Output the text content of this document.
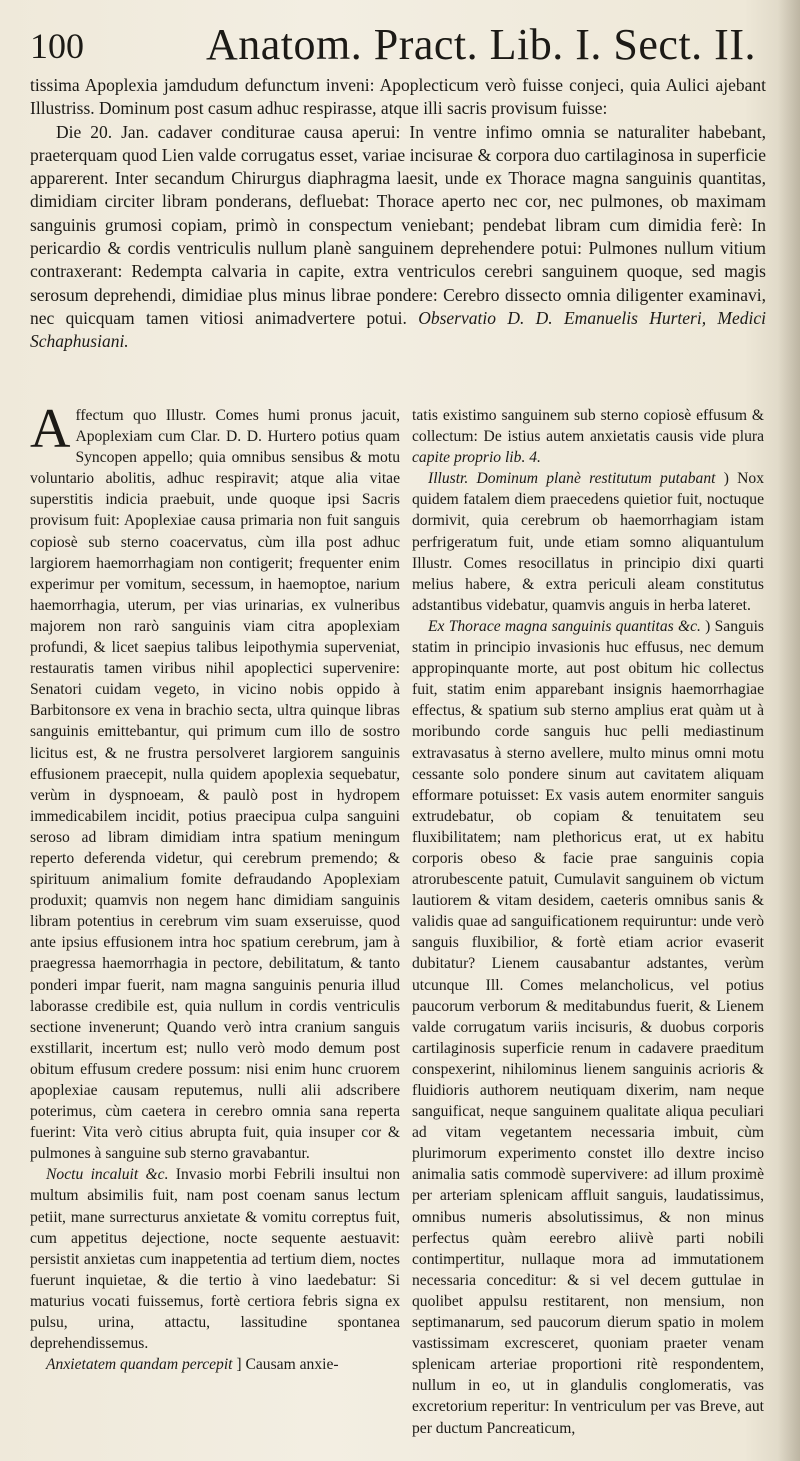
100	Anatom. Pract. Lib. I. Sect. II.

tissima Apoplexia jamdudum defunctum inveni: Apoplecticum verò fuisse conjeci, quia Aulici ajebant Illustriss. Dominum post casum adhuc respirasse, atque illi sacris provisum fuisse:

Die 20. Jan. cadaver conditurae causa aperui: In ventre infimo omnia se naturaliter habebant, praeterquam quod Lien valde corrugatus esset, variae incisurae & corpora duo cartilaginosa in superficie apparerent. Inter secandum Chirurgus diaphragma laesit, unde ex Thorace magna sanguinis quantitas, dimidiam circiter libram ponderans, defluebat: Thorace aperto nec cor, nec pulmones, ob maximam sanguinis grumosi copiam, primò in conspectum veniebant; pendebat libram cum dimidia ferè: In pericardio & cordis ventriculis nullum planè sanguinem deprehendere potui: Pulmones nullum vitium contraxerant: Redempta calvaria in capite, extra ventriculos cerebri sanguinem quoque, sed magis serosum deprehendi, dimidiae plus minus librae pondere: Cerebro dissecto omnia diligenter examinavi, nec quicquam tamen vitiosi animadvertere potui. Observatio D. D. Emanuelis Hurteri, Medici Schaphusiani.

Affectum quo Illustr. Comes humi pronus jacuit, Apoplexiam cum Clar. D. D. Hurtero potius quam Syncopen appello; quia omnibus sensibus & motu voluntario abolitis, adhuc respiravit; atque alia vitae superstitis indicia praebuit, unde quoque ipsi Sacris provisum fuit: Apoplexiae causa primaria non fuit sanguis copiosè sub sterno coacervatus, cùm illa post adhuc largiorem haemorrhagiam non contigerit; frequenter enim experimur per vomitum, secessum, in haemoptoe, narium haemorrhagia, uterum, per vias urinarias, ex vulneribus majorem non rarò sanguinis viam citra apoplexiam profundi, & licet saepius talibus leipothymia superveniat, restauratis tamen viribus nihil apoplectici supervenire: Senatori cuidam vegeto, in vicino nobis oppido à Barbitonsore ex vena in brachio secta, ultra quinque libras sanguinis emittebantur, qui primum cum illo de sostro licitus est, & ne frustra persolveret largiorem sanguinis effusionem praecepit, nulla quidem apoplexia sequebatur, verùm in dyspnoeam, & paulò post in hydropem immedicabilem incidit, potius praecipua culpa sanguini seroso ad libram dimidiam intra spatium meningum reperto deferenda videtur, qui cerebrum premendo; & spirituum animalium fomite defraudando Apoplexiam produxit; quamvis non negem hanc dimidiam sanguinis libram potentius in cerebrum vim suam exseruisse, quod ante ipsius effusionem intra hoc spatium cerebrum, jam à praegressa haemorrhagia in pectore, debilitatum, & tanto ponderi impar fuerit, nam magna sanguinis penuria illud laborasse credibile est, quia nullum in cordis ventriculis sectione invenerunt; Quando verò intra cranium sanguis exstillarit, incertum est; nullo verò modo demum post obitum effusum credere possum: nisi enim hunc cruorem apoplexiae causam reputemus, nulli alii adscribere poterimus, cùm caetera in cerebro omnia sana reperta fuerint: Vita verò citius abrupta fuit, quia insuper cor & pulmones à sanguine sub sterno gravabantur.

Noctu incaluit &c. Invasio morbi Febrili insultui non multum absimilis fuit, nam post coenam sanus lectum petiit, mane surrecturus anxietate & vomitu correptus fuit, cum appetitus dejectione, nocte sequente aestuavit: persistit anxietas cum inappetentia ad tertium diem, noctes fuerunt inquietae, & die tertio à vino laedebatur: Si maturius vocati fuissemus, fortè certiora febris signa ex pulsu, urina, attactu, lassitudine spontanea deprehendissemus.

Anxietatem quandam percepit ] Causam anxie-

tatis existimo sanguinem sub sterno copiosè effusum & collectum: De istius autem anxietatis causis vide plura capite proprio lib. 4.

Illustr. Dominum planè restitutum putabant ) Nox quidem fatalem diem praecedens quietior fuit, noctuque dormivit, quia cerebrum ob haemorrhagiam istam perfrigeratum fuit, unde etiam somno aliquantulum Illustr. Comes resocillatus in principio dixi quarti melius habere, & extra periculi aleam constitutus adstantibus videbatur, quamvis anguis in herba lateret.

Ex Thorace magna sanguinis quantitas &c. ) Sanguis statim in principio invasionis huc effusus, nec demum appropinquante morte, aut post obitum hic collectus fuit, statim enim apparebant insignis haemorrhagiae effectus, & spatium sub sterno amplius erat quàm ut à moribundo corde sanguis huc pelli mediastinum extravasatus à sterno avellere, multo minus omni motu cessante solo pondere sinum aut cavitatem aliquam efformare potuisset: Ex vasis autem enormiter sanguis extrudebatur, ob copiam & tenuitatem seu fluxibilitatem; nam plethoricus erat, ut ex habitu corporis obeso & facie prae sanguinis copia atrorubescente patuit, Cumulavit sanguinem ob victum lautiorem & vitam desidem, caeteris omnibus sanis & validis quae ad sanguificationem requiruntur: unde verò sanguis fluxibilior, & fortè etiam acrior evaserit dubitatur? Lienem causabantur adstantes, verùm utcunque Ill. Comes melancholicus, vel potius paucorum verborum & meditabundus fuerit, & Lienem valde corrugatum variis incisuris, & duobus corporis cartilaginosis superficie renum in cadavere praeditum conspexerint, nihilominus lienem sanguinis acrioris & fluidioris authorem neutiquam dixerim, nam neque sanguificat, neque sanguinem qualitate aliqua peculiari ad vitam vegetantem necessaria imbuit, cùm plurimorum experimento constet illo dextre inciso animalia satis commodè supervivere: ad illum proximè per arteriam splenicam affluit sanguis, laudatissimus, omnibus numeris absolutissimus, & non minus perfectus quàm eerebro aliivè parti nobili contimpertitur, nullaque mora ad immutationem necessaria conceditur: & si vel decem guttulae in quolibet appulsu restitarent, non mensium, non septimanarum, sed paucorum dierum spatio in molem vastissimam excresceret, quoniam praeter venam splenicam arteriae proportioni ritè respondentem, nullum in eo, ut in glandulis conglomeratis, vas excretorium reperitur: In ventriculum per vas Breve, aut per ductum Pancreaticum,
